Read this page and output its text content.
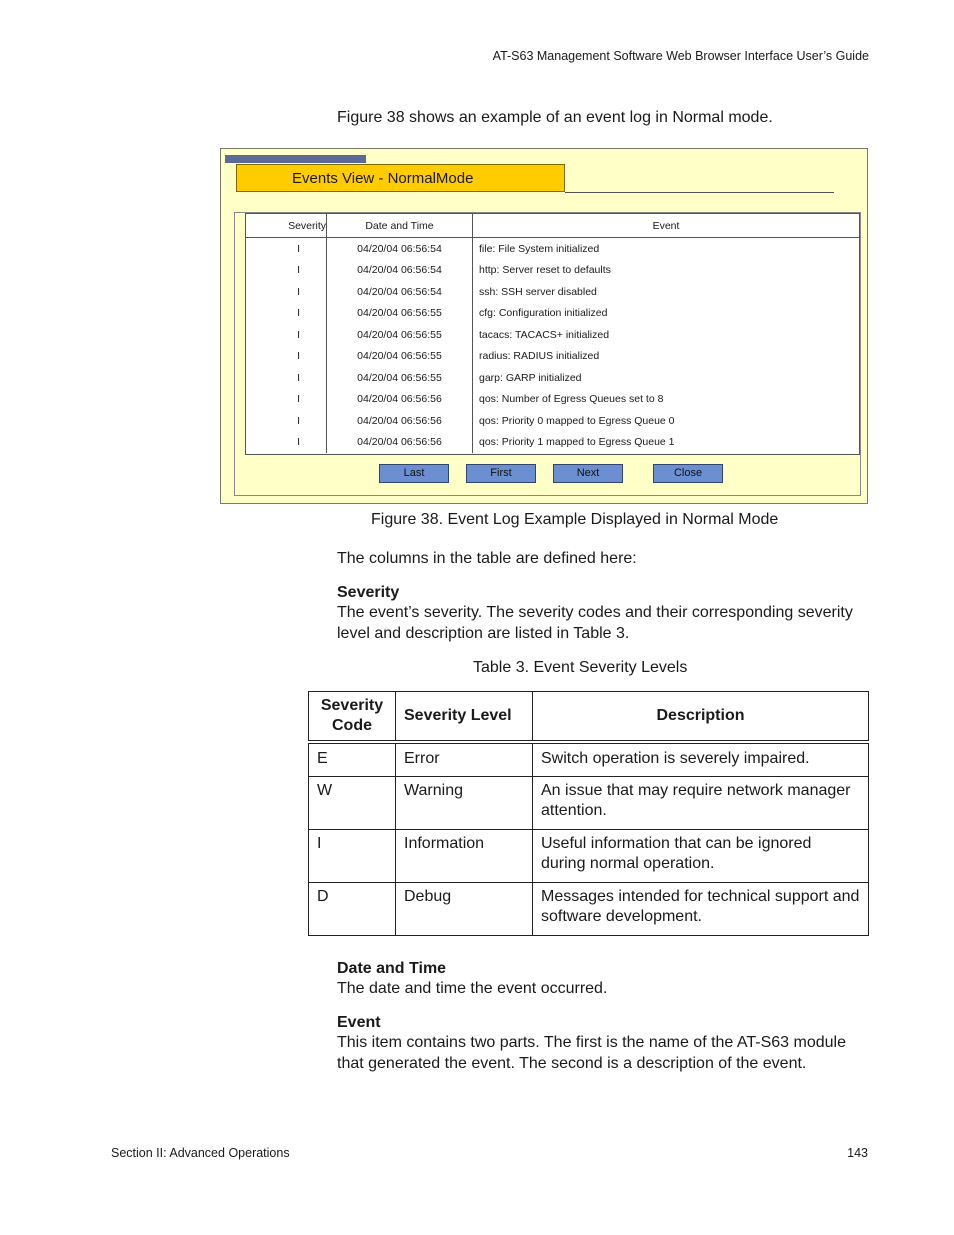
AT-S63 Management Software Web Browser Interface User’s Guide
Figure 38 shows an example of an event log in Normal mode.
Events View - NormalMode
Severity	Date and Time	Event
I	04/20/04 06:56:54	file: File System initialized
I	04/20/04 06:56:54	http: Server reset to defaults
I	04/20/04 06:56:54	ssh: SSH server disabled
I	04/20/04 06:56:55	cfg: Configuration initialized
I	04/20/04 06:56:55	tacacs: TACACS+ initialized
I	04/20/04 06:56:55	radius: RADIUS initialized
I	04/20/04 06:56:55	garp: GARP initialized
I	04/20/04 06:56:56	qos: Number of Egress Queues set to 8
I	04/20/04 06:56:56	qos: Priority 0 mapped to Egress Queue 0
I	04/20/04 06:56:56	qos: Priority 1 mapped to Egress Queue 1
Last	First	Next	Close
Figure 38. Event Log Example Displayed in Normal Mode
The columns in the table are defined here:
Severity
The event’s severity. The severity codes and their corresponding severity level and description are listed in Table 3.
Table 3. Event Severity Levels
Severity Code	Severity Level	Description
E	Error	Switch operation is severely impaired.
W	Warning	An issue that may require network manager attention.
I	Information	Useful information that can be ignored during normal operation.
D	Debug	Messages intended for technical support and software development.
Date and Time
The date and time the event occurred.
Event
This item contains two parts. The first is the name of the AT-S63 module that generated the event. The second is a description of the event.
Section II: Advanced Operations	143
